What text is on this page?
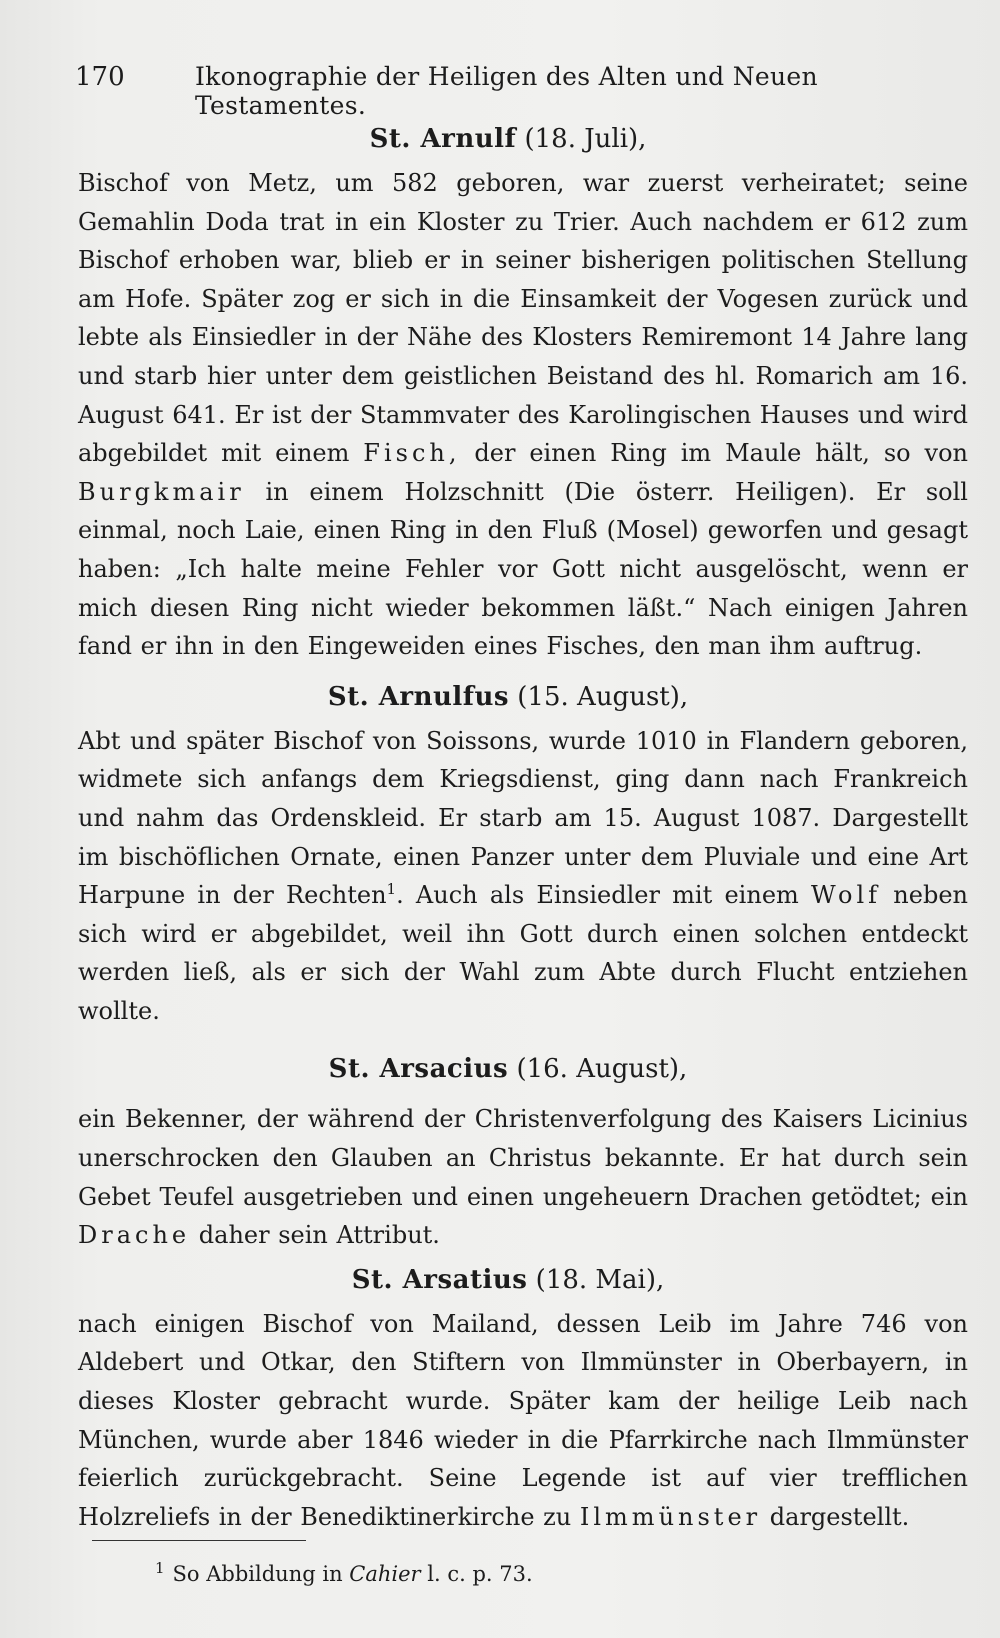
170	Ikonographie der Heiligen des Alten und Neuen Testamentes.
St. Arnulf (18. Juli),
Bischof von Metz, um 582 geboren, war zuerst verheiratet; seine Gemahlin Doda trat in ein Kloster zu Trier. Auch nachdem er 612 zum Bischof erhoben war, blieb er in seiner bisherigen politischen Stellung am Hofe. Später zog er sich in die Einsamkeit der Vogesen zurück und lebte als Einsiedler in der Nähe des Klosters Remiremont 14 Jahre lang und starb hier unter dem geistlichen Beistand des hl. Romarich am 16. August 641. Er ist der Stammvater des Karolingischen Hauses und wird abgebildet mit einem Fisch, der einen Ring im Maule hält, so von Burgkmair in einem Holzschnitt (Die österr. Heiligen). Er soll einmal, noch Laie, einen Ring in den Fluß (Mosel) geworfen und gesagt haben: „Ich halte meine Fehler vor Gott nicht ausgelöscht, wenn er mich diesen Ring nicht wieder bekommen läßt.“ Nach einigen Jahren fand er ihn in den Eingeweiden eines Fisches, den man ihm auftrug.
St. Arnulfus (15. August),
Abt und später Bischof von Soissons, wurde 1010 in Flandern geboren, widmete sich anfangs dem Kriegsdienst, ging dann nach Frankreich und nahm das Ordenskleid. Er starb am 15. August 1087. Dargestellt im bischöflichen Ornate, einen Panzer unter dem Pluviale und eine Art Harpune in der Rechten$^1$. Auch als Einsiedler mit einem Wolf neben sich wird er abgebildet, weil ihn Gott durch einen solchen entdeckt werden ließ, als er sich der Wahl zum Abte durch Flucht entziehen wollte.
St. Arsacius (16. August),
ein Bekenner, der während der Christenverfolgung des Kaisers Licinius unerschrocken den Glauben an Christus bekannte. Er hat durch sein Gebet Teufel ausgetrieben und einen ungeheuern Drachen getödtet; ein Drache daher sein Attribut.
St. Arsatius (18. Mai),
nach einigen Bischof von Mailand, dessen Leib im Jahre 746 von Aldebert und Otkar, den Stiftern von Ilmmünster in Oberbayern, in dieses Kloster gebracht wurde. Später kam der heilige Leib nach München, wurde aber 1846 wieder in die Pfarrkirche nach Ilmmünster feierlich zurückgebracht. Seine Legende ist auf vier trefflichen Holzreliefs in der Benediktinerkirche zu Ilmmünster dargestellt.
$^1$ So Abbildung in Cahier l. c. p. 73.
